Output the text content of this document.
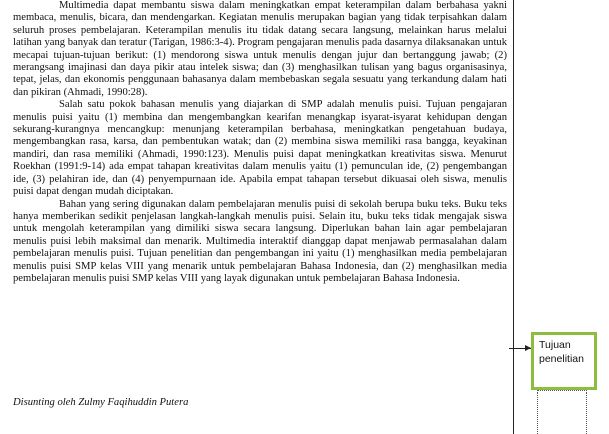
Multimedia dapat membantu siswa dalam meningkatkan empat keterampilan dalam berbahasa yakni membaca, menulis, bicara, dan mendengarkan. Kegiatan menulis merupakan bagian yang tidak terpisahkan dalam seluruh proses pembelajaran. Keterampilan menulis itu tidak datang secara langsung, melainkan harus melalui latihan yang banyak dan teratur (Tarigan, 1986:3-4). Program pengajaran menulis pada dasarnya dilaksanakan untuk mecapai tujuan-tujuan berikut: (1) mendorong siswa untuk menulis dengan jujur dan bertanggung jawab; (2) merangsang imajinasi dan daya pikir atau intelek siswa; dan (3) menghasilkan tulisan yang bagus organisasinya, tepat, jelas, dan ekonomis penggunaan bahasanya dalam membebaskan segala sesuatu yang terkandung dalam hati dan pikiran (Ahmadi, 1990:28).

Salah satu pokok bahasan menulis yang diajarkan di SMP adalah menulis puisi. Tujuan pengajaran menulis puisi yaitu (1) membina dan mengembangkan kearifan menangkap isyarat-isyarat kehidupan dengan sekurang-kurangnya mencangkup: menunjang keterampilan berbahasa, meningkatkan pengetahuan budaya, mengembangkan rasa, karsa, dan pembentukan watak; dan (2) membina siswa memiliki rasa bangga, keyakinan mandiri, dan rasa memiliki (Ahmadi, 1990:123). Menulis puisi dapat meningkatkan kreativitas siswa. Menurut Roekhan (1991:9-14) ada empat tahapan kreativitas dalam menulis yaitu (1) pemunculan ide, (2) pengembangan ide, (3) pelahiran ide, dan (4) penyempurnaan ide. Apabila empat tahapan tersebut dikuasai oleh siswa, menulis puisi dapat dengan mudah diciptakan.

Bahan yang sering digunakan dalam pembelajaran menulis puisi di sekolah berupa buku teks. Buku teks hanya memberikan sedikit penjelasan langkah-langkah menulis puisi. Selain itu, buku teks tidak mengajak siswa untuk mengolah keterampilan yang dimiliki siswa secara langsung. Diperlukan bahan lain agar pembelajaran menulis puisi lebih maksimal dan menarik. Multimedia interaktif dianggap dapat menjawab permasalahan dalam pembelajaran menulis puisi. Tujuan penelitian dan pengembangan ini yaitu (1) menghasilkan media pembelajaran menulis puisi SMP kelas VIII yang menarik untuk pembelajaran Bahasa Indonesia, dan (2) menghasilkan media pembelajaran menulis puisi SMP kelas VIII yang layak digunakan untuk pembelajaran Bahasa Indonesia.

Disunting oleh Zulmy Faqihuddin Putera
Tujuan penelitian
